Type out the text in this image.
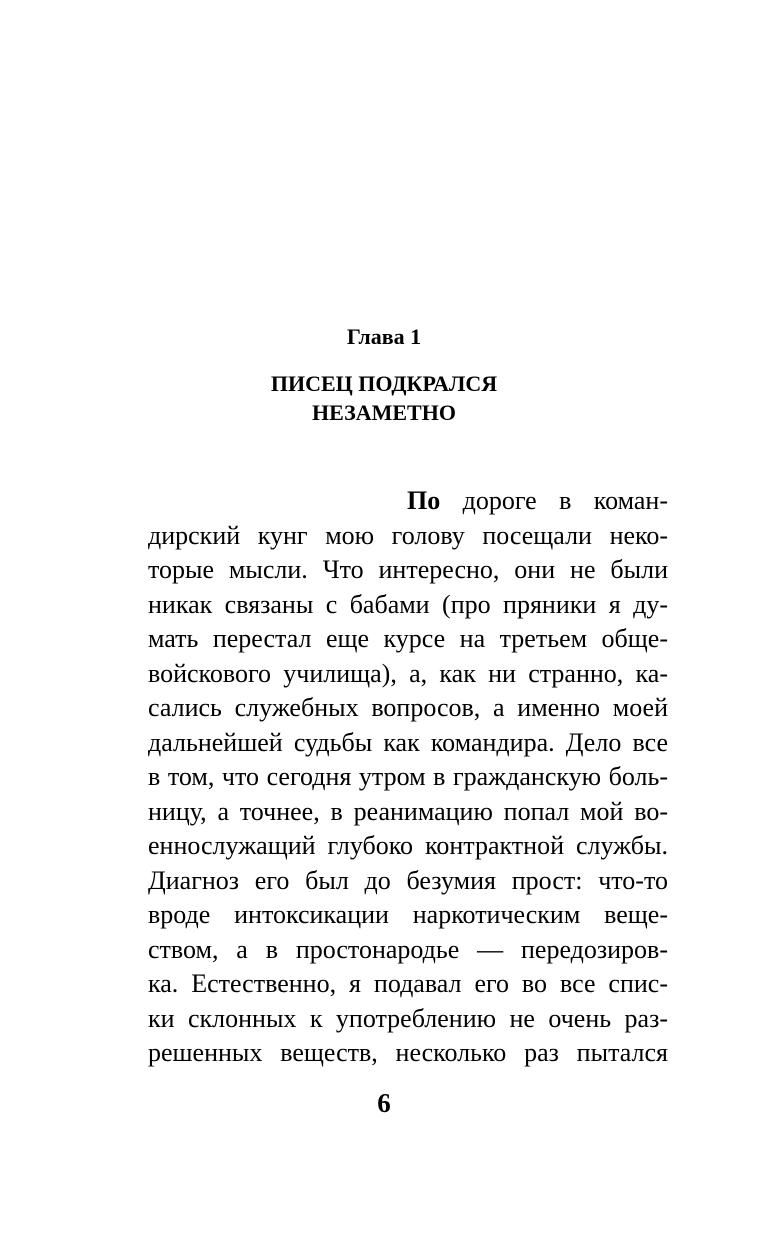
Глава 1
ПИСЕЦ ПОДКРАЛСЯ
НЕЗАМЕТНО
По дороге в коман-
дирский кунг мою голову посещали неко-
торые мысли. Что интересно, они не были
никак связаны с бабами (про пряники я ду-
мать перестал еще курсе на третьем обще-
войскового училища), а, как ни странно, ка-
сались служебных вопросов, а именно моей
дальнейшей судьбы как командира. Дело все
в том, что сегодня утром в гражданскую боль-
ницу, а точнее, в реанимацию попал мой во-
еннослужащий глубоко контрактной службы.
Диагноз его был до безумия прост: что-то
вроде интоксикации наркотическим веще-
ством, а в простонародье — передозиров-
ка. Естественно, я подавал его во все спис-
ки склонных к употреблению не очень раз-
решенных веществ, несколько раз пытался
6
